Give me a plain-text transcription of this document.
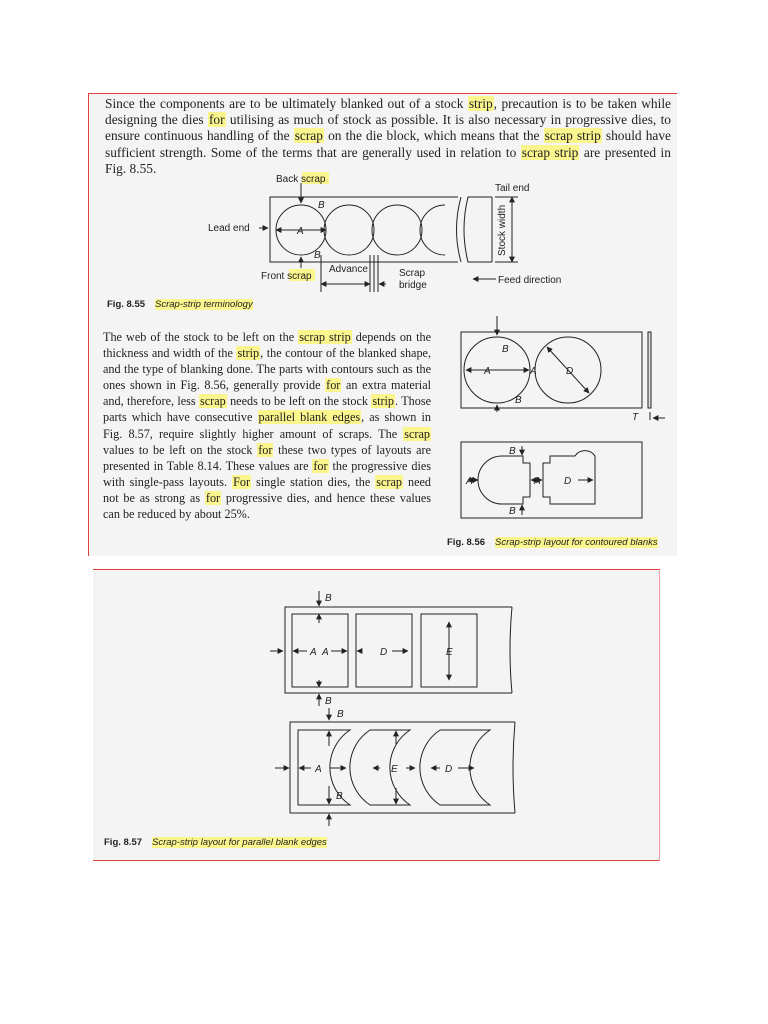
Since the components are to be ultimately blanked out of a stock strip, precaution is to be taken while designing the dies for utilising as much of stock as possible. It is also necessary in progressive dies, to ensure continuous handling of the scrap on the die block, which means that the scrap strip should have sufficient strength. Some of the terms that are generally used in relation to scrap strip are presented in Fig. 8.55.

The web of the stock to be left on the scrap strip depends on the thickness and width of the strip, the contour of the blanked shape, and the type of blanking done. The parts with contours such as the ones shown in Fig. 8.56, generally provide for an extra material and, therefore, less scrap needs to be left on the stock strip. Those parts which have consecutive parallel blank edges, as shown in Fig. 8.57, require slightly higher amount of scraps. The scrap values to be left on the stock for these two types of layouts are presented in Table 8.14. These values are for the progressive dies with single-pass layouts. For single station dies, the scrap need not be as strong as for progressive dies, and hence these values can be reduced by about 25%.

Fig. 8.55 Scrap-strip terminology
Fig. 8.56 Scrap-strip layout for contoured blanks
Fig. 8.57 Scrap-strip layout for parallel blank edges
Back scrap
Tail end
Lead end	Stock width
Front scrap
Advance	Scrap
bridge	Feed direction
A
B
B
B
A	A	D
B
T
B
A	A D
B
B
A A	D	E
B
B
A	E	D
B
